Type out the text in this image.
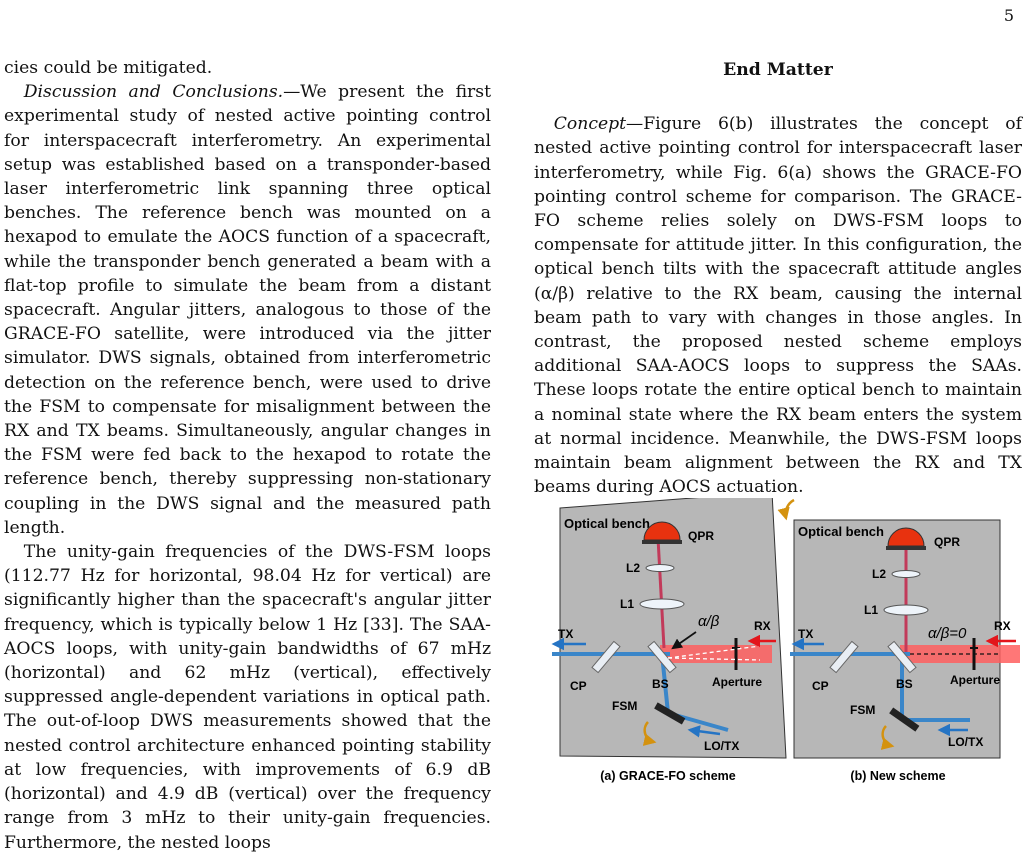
5

cies could be mitigated.

Discussion and Conclusions.—We present the first experimental study of nested active pointing control for interspacecraft interferometry. An experimental setup was established based on a transponder-based laser interferometric link spanning three optical benches. The reference bench was mounted on a hexapod to emulate the AOCS function of a spacecraft, while the transponder bench generated a beam with a flat-top profile to simulate the beam from a distant spacecraft. Angular jitters, analogous to those of the GRACE-FO satellite, were introduced via the jitter simulator. DWS signals, obtained from interferometric detection on the reference bench, were used to drive the FSM to compensate for misalignment between the RX and TX beams. Simultaneously, angular changes in the FSM were fed back to the hexapod to rotate the reference bench, thereby suppressing non-stationary coupling in the DWS signal and the measured path length.

The unity-gain frequencies of the DWS-FSM loops (112.77 Hz for horizontal, 98.04 Hz for vertical) are significantly higher than the spacecraft's angular jitter frequency, which is typically below 1 Hz [33]. The SAA-AOCS loops, with unity-gain bandwidths of 67 mHz (horizontal) and 62 mHz (vertical), effectively suppressed angle-dependent variations in optical path. The out-of-loop DWS measurements showed that the nested control architecture enhanced pointing stability at low frequencies, with improvements of 6.9 dB (horizontal) and 4.9 dB (vertical) over the frequency range from 3 mHz to their unity-gain frequencies. Furthermore, the nested loops

End Matter

Concept—Figure 6(b) illustrates the concept of nested active pointing control for interspacecraft laser interferometry, while Fig. 6(a) shows the GRACE-FO pointing control scheme for comparison. The GRACE-FO scheme relies solely on DWS-FSM loops to compensate for attitude jitter. In this configuration, the optical bench tilts with the spacecraft attitude angles (α/β) relative to the RX beam, causing the internal beam path to vary with changes in those angles. In contrast, the proposed nested scheme employs additional SAA-AOCS loops to suppress the SAAs. These loops rotate the entire optical bench to maintain a nominal state where the RX beam enters the system at normal incidence. Meanwhile, the DWS-FSM loops maintain beam alignment between the RX and TX beams during AOCS actuation.

Optical bench
QPR
L2
L1
CP	BS	Aperture
α/β
FSM
TX
RX
LO/TX
(a) GRACE-FO scheme
Optical bench
QPR
L2
L1
CP	BS	Aperture
α/β=0
FSM
TX
RX
LO/TX
(b) New scheme
